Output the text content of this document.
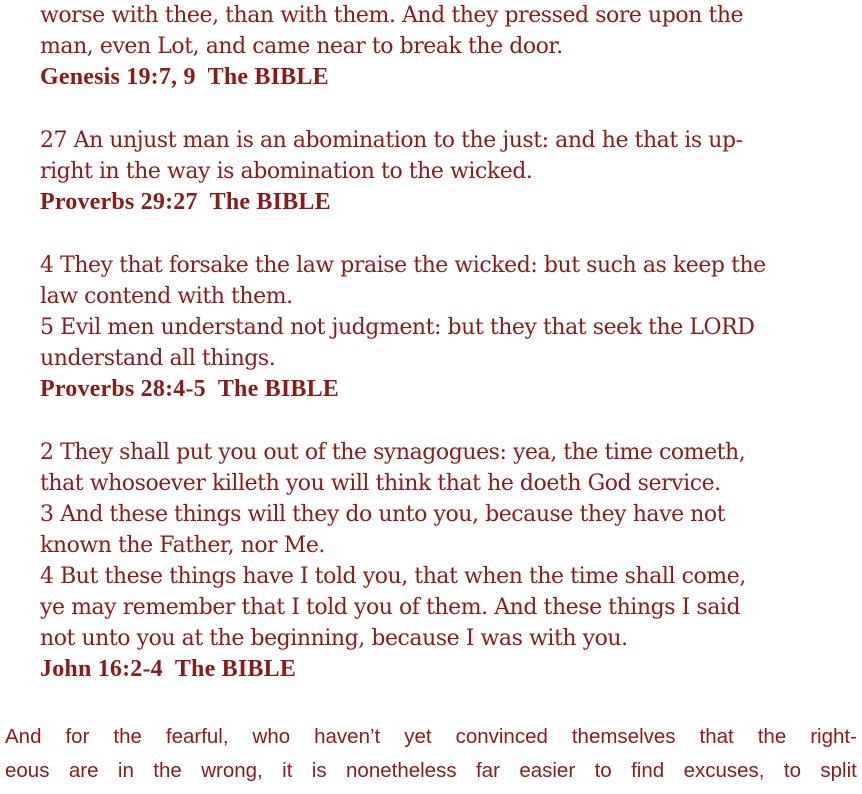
worse with thee, than with them. And they pressed sore upon the
man, even Lot, and came near to break the door.
Genesis 19:7, 9  The BIBLE
27 An unjust man is an abomination to the just: and he that is up-
right in the way is abomination to the wicked.
Proverbs 29:27  The BIBLE
4 They that forsake the law praise the wicked: but such as keep the
law contend with them.
5 Evil men understand not judgment: but they that seek the LORD
understand all things.
Proverbs 28:4-5  The BIBLE
2 They shall put you out of the synagogues: yea, the time cometh,
that whosoever killeth you will think that he doeth God service.
3 And these things will they do unto you, because they have not
known the Father, nor Me.
4 But these things have I told you, that when the time shall come,
ye may remember that I told you of them. And these things I said
not unto you at the beginning, because I was with you.
John 16:2-4  The BIBLE
And for the fearful, who haven’t yet convinced themselves that the right-
eous are in the wrong, it is nonetheless far easier to find excuses, to split
